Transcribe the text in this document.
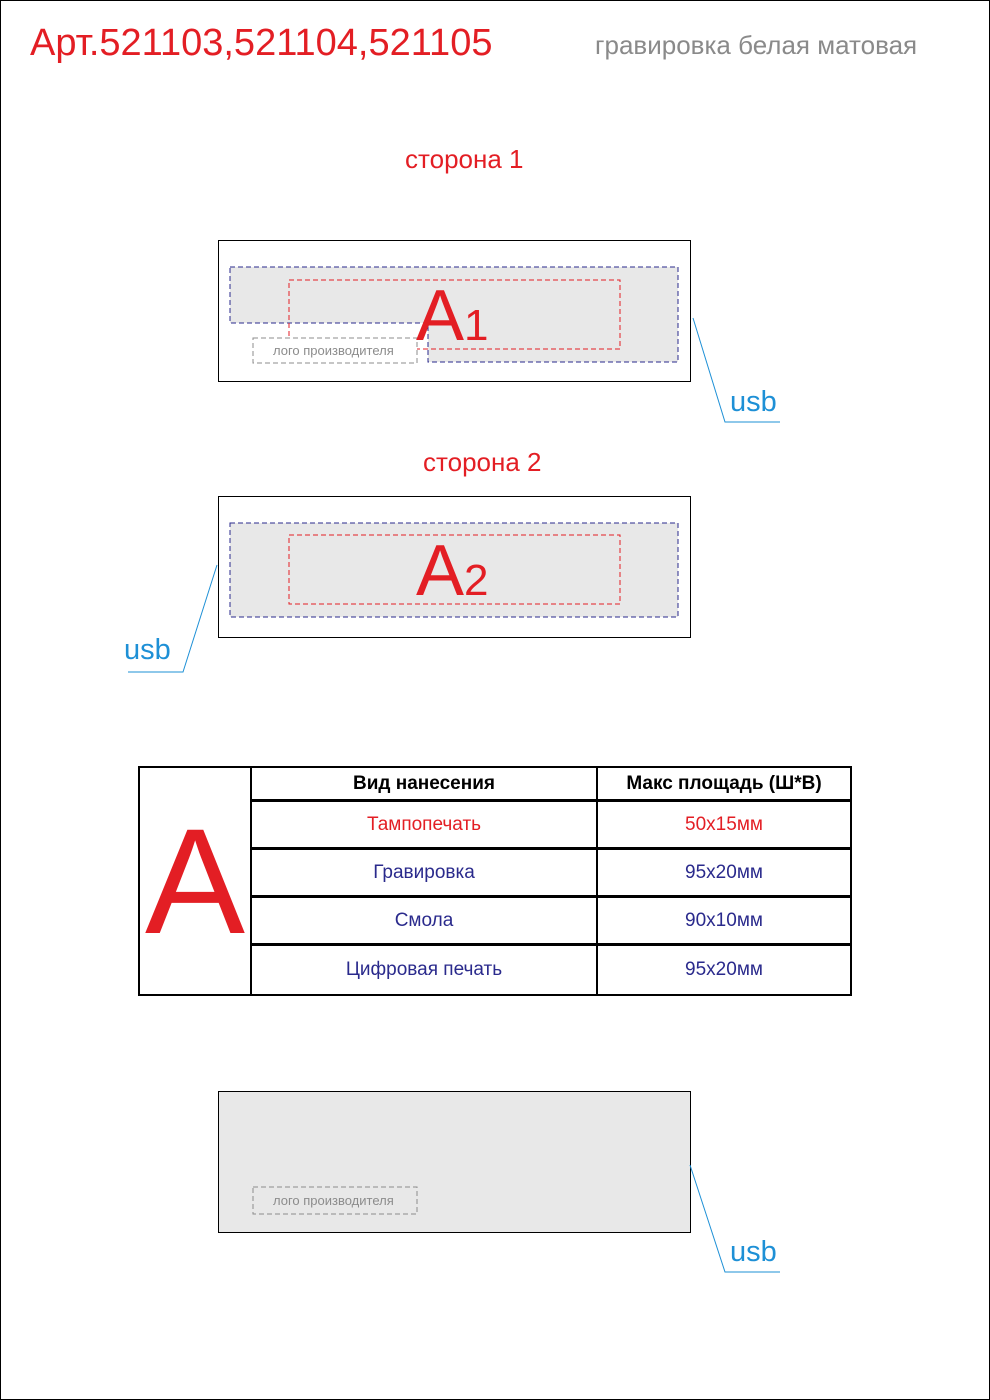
Арт.521103,521104,521105	гравировка белая матовая
сторона 1
A1
лого производителя
usb
сторона 2
A2
usb
A
Вид нанесения	Макс площадь (Ш*В)
Тампопечать	50x15мм
Гравировка	95x20мм
Смола	90x10мм
Цифровая печать	95x20мм
лого производителя
usb
